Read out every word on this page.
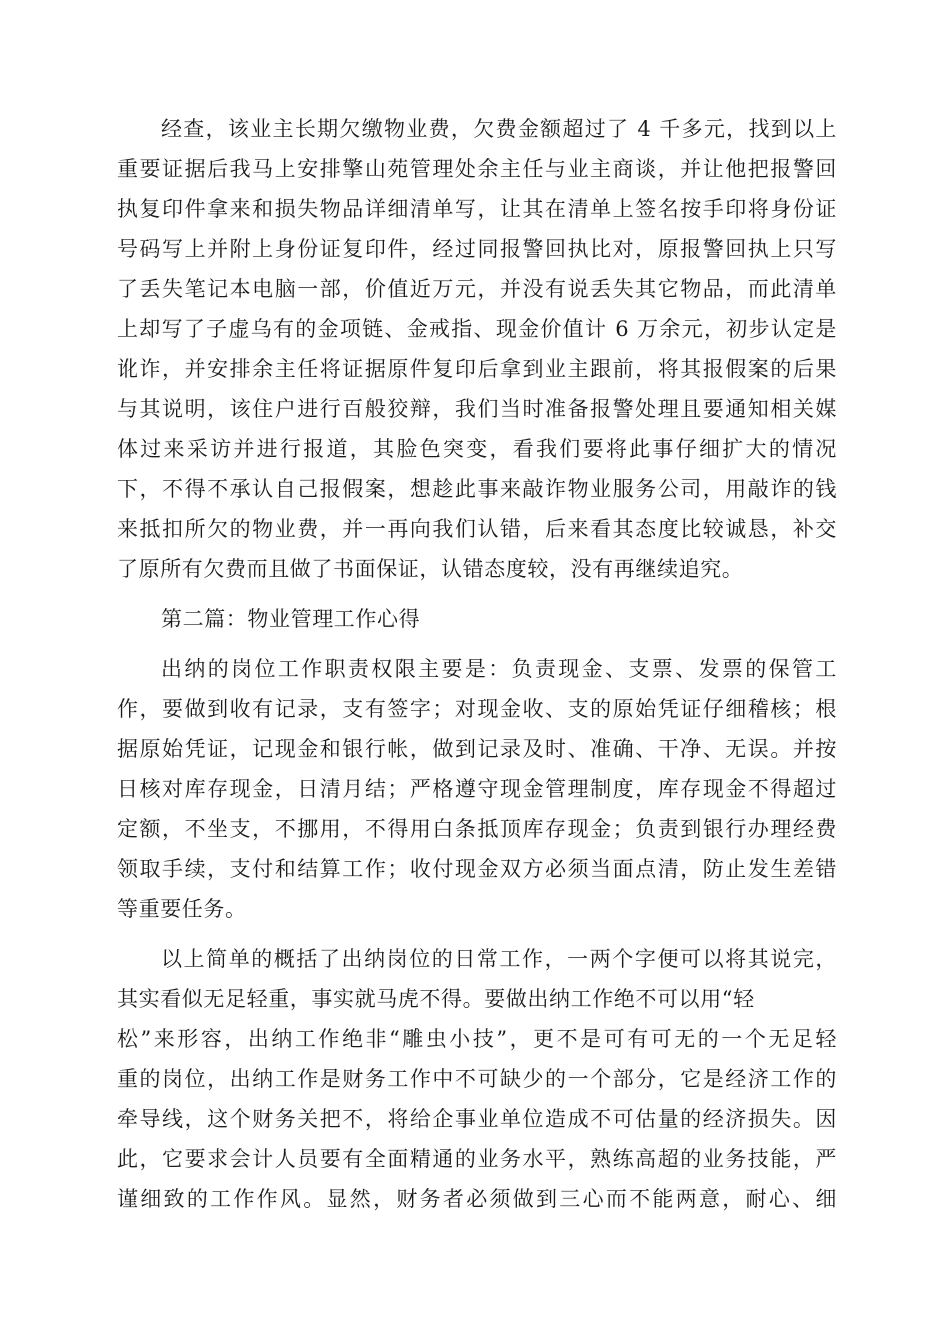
经查，该业主长期欠缴物业费，欠费金额超过了 4 千多元，找到以上
重要证据后我马上安排擎山苑管理处余主任与业主商谈，并让他把报警回
执复印件拿来和损失物品详细清单写，让其在清单上签名按手印将身份证
号码写上并附上身份证复印件，经过同报警回执比对，原报警回执上只写
了丢失笔记本电脑一部，价值近万元，并没有说丢失其它物品，而此清单
上却写了子虚乌有的金项链、金戒指、现金价值计 6 万余元，初步认定是
讹诈，并安排余主任将证据原件复印后拿到业主跟前，将其报假案的后果
与其说明，该住户进行百般狡辩，我们当时准备报警处理且要通知相关媒
体过来采访并进行报道，其脸色突变，看我们要将此事仔细扩大的情况
下，不得不承认自己报假案，想趁此事来敲诈物业服务公司，用敲诈的钱
来抵扣所欠的物业费，并一再向我们认错，后来看其态度比较诚恳，补交
了原所有欠费而且做了书面保证，认错态度较，没有再继续追究。
第二篇：物业管理工作心得
出纳的岗位工作职责权限主要是：负责现金、支票、发票的保管工
作，要做到收有记录，支有签字；对现金收、支的原始凭证仔细稽核；根
据原始凭证，记现金和银行帐，做到记录及时、准确、干净、无误。并按
日核对库存现金，日清月结；严格遵守现金管理制度，库存现金不得超过
定额，不坐支，不挪用，不得用白条抵顶库存现金；负责到银行办理经费
领取手续，支付和结算工作；收付现金双方必须当面点清，防止发生差错
等重要任务。
以上简单的概括了出纳岗位的日常工作，一两个字便可以将其说完，
其实看似无足轻重，事实就马虎不得。要做出纳工作绝不可以用“轻
松”来形容，出纳工作绝非“雕虫小技”，更不是可有可无的一个无足轻
重的岗位，出纳工作是财务工作中不可缺少的一个部分，它是经济工作的
牵导线，这个财务关把不，将给企事业单位造成不可估量的经济损失。因
此，它要求会计人员要有全面精通的业务水平，熟练高超的业务技能，严
谨细致的工作作风。显然，财务者必须做到三心而不能两意，耐心、细
